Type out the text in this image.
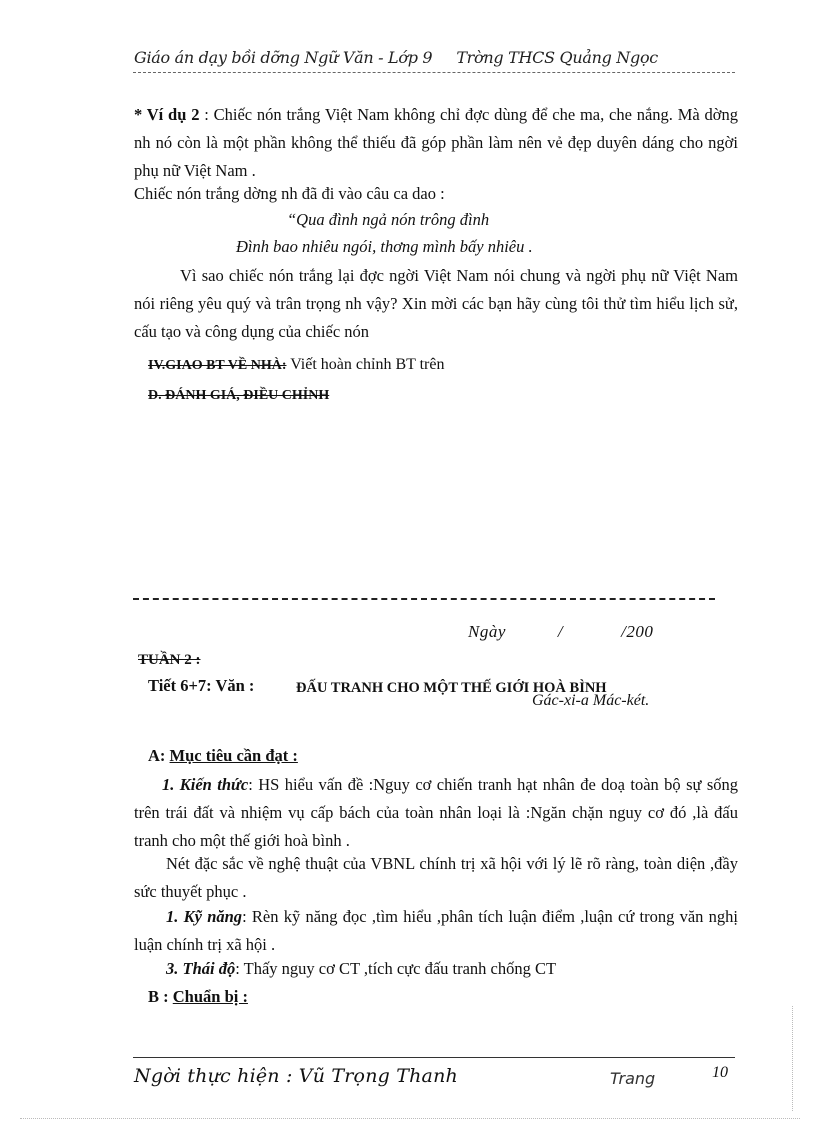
Giáo án dạy bồi dỡng Ngữ Văn - Lớp 9 Trờng THCS Quảng Ngọc
* Ví dụ 2 : Chiếc nón trắng Việt Nam không chỉ đợc dùng để che ma, che nắng. Mà dờng nh nó còn là một phần không thể thiếu đã góp phần làm nên vẻ đẹp duyên dáng cho ngời phụ nữ Việt Nam .
Chiếc nón trắng dờng nh đã đi vào câu ca dao :
“Qua đình ngả nón trông đình
Đình bao nhiêu ngói, thơng mình bấy nhiêu .
Vì sao chiếc nón trắng lại đợc ngời Việt Nam nói chung và ngời phụ nữ Việt Nam nói riêng yêu quý và trân trọng nh vậy? Xin mời các bạn hãy cùng tôi thử tìm hiểu lịch sử, cấu tạo và công dụng của chiếc nón
IV.GIAO BT VỀ NHÀ: Viết hoàn chỉnh BT trên
D. ĐÁNH GIÁ, ĐIỀU CHỈNH
Ngày	/	/200
TUẦN 2 :
Tiết 6+7: Văn :	ĐẤU TRANH CHO MỘT THẾ GIỚI HOÀ BÌNH
Gác-xi-a Mác-két.
A: Mục tiêu cần đạt :
1. Kiến thức: HS hiểu vấn đề :Nguy cơ chiến tranh hạt nhân đe doạ toàn bộ sự sống trên trái đất và nhiệm vụ cấp bách của toàn nhân loại là :Ngăn chặn nguy cơ đó ,là đấu tranh cho một thế giới hoà bình .
Nét đặc sắc về nghệ thuật của VBNL chính trị xã hội với lý lẽ rõ ràng, toàn diện ,đầy sức thuyết phục .
1. Kỹ năng: Rèn kỹ năng đọc ,tìm hiểu ,phân tích luận điểm ,luận cứ trong văn nghị luận chính trị xã hội .
3. Thái độ: Thấy nguy cơ CT ,tích cực đấu tranh chống CT
B : Chuẩn bị :
Ngời thực hiện : Vũ Trọng Thanh	Trang	10
